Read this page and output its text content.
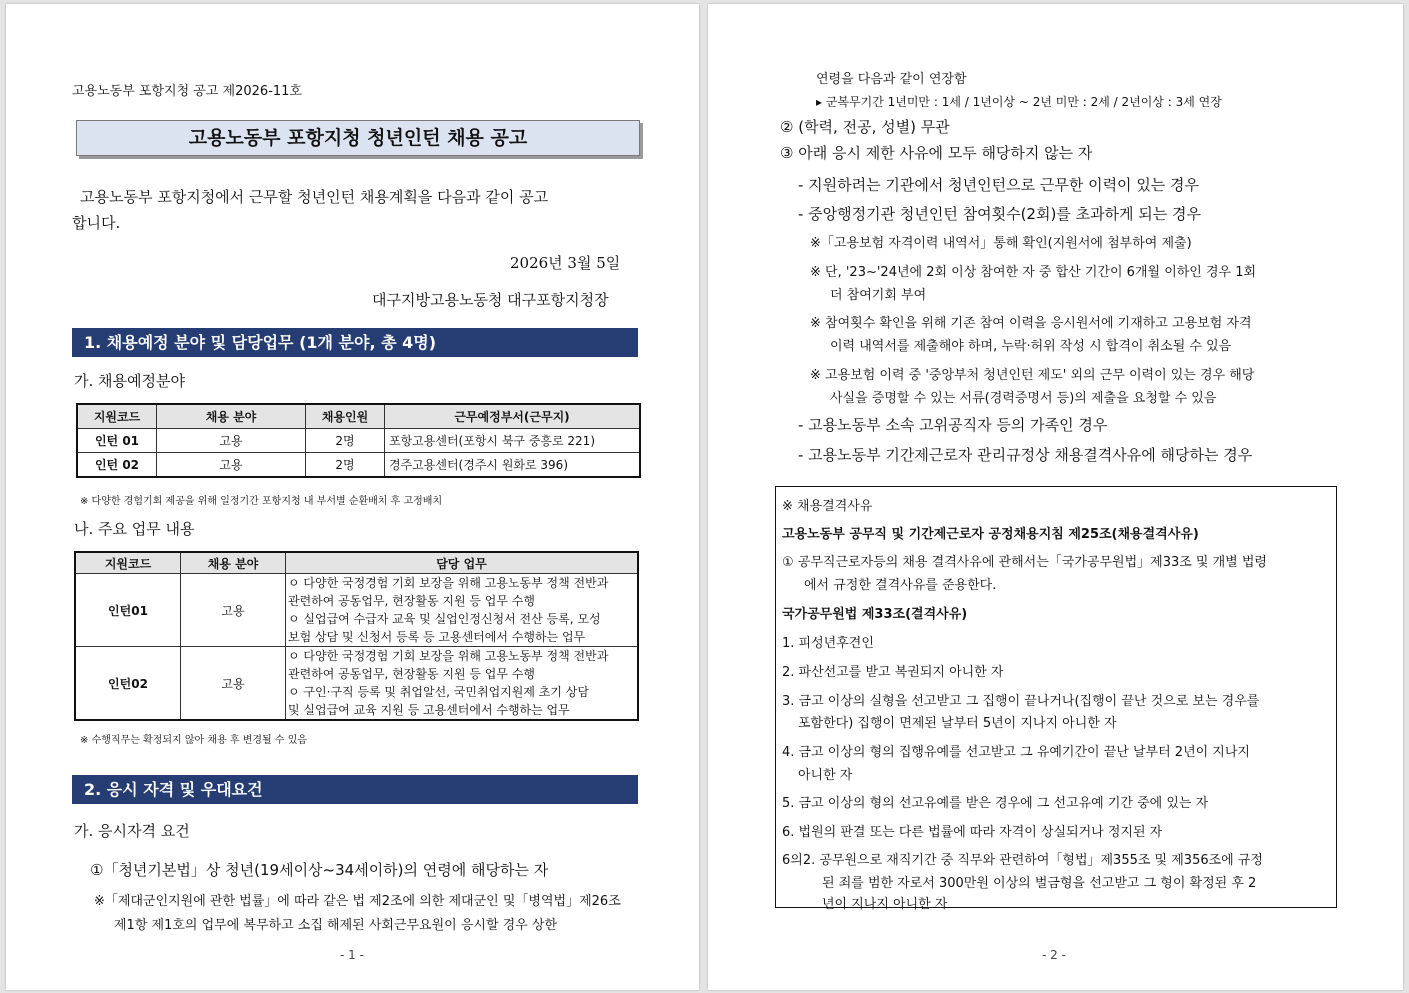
고용노동부 포항지청 공고 제2026-11호
고용노동부 포항지청 청년인턴 채용 공고
고용노동부 포항지청에서 근무할 청년인턴 채용계획을 다음과 같이 공고
합니다.
2026년 3월 5일
대구지방고용노동청 대구포항지청장
1. 채용예정 분야 및 담당업무 (1개 분야, 총 4명)
가. 채용예정분야
지원코드	채용 분야	채용인원	근무예정부서(근무지)
인턴 01	고용	2명	포항고용센터(포항시 북구 중흥로 221)
인턴 02	고용	2명	경주고용센터(경주시 원화로 396)
※ 다양한 경험기회 제공을 위해 일정기간 포항지청 내 부서별 순환배치 후 고정배치
나. 주요 업무 내용
지원코드	채용 분야	담당 업무
인턴01	고용	ㅇ 다양한 국정경험 기회 보장을 위해 고용노동부 정책 전반과
관련하여 공동업무, 현장활동 지원 등 업무 수행
ㅇ 실업급여 수급자 교육 및 실업인정신청서 전산 등록, 모성
보험 상담 및 신청서 등록 등 고용센터에서 수행하는 업무

인턴02	고용	ㅇ 다양한 국정경험 기회 보장을 위해 고용노동부 정책 전반과
관련하여 공동업무, 현장활동 지원 등 업무 수행
ㅇ 구인·구직 등록 및 취업알선, 국민취업지원제 초기 상담
및 실업급여 교육 지원 등 고용센터에서 수행하는 업무
※ 수행직무는 확정되지 않아 채용 후 변경될 수 있음
2. 응시 자격 및 우대요건
가. 응시자격 요건
①「청년기본법」상 청년(19세이상~34세이하)의 연령에 해당하는 자
※「제대군인지원에 관한 법률」에 따라 같은 법 제2조에 의한 제대군인 및「병역법」제26조
제1항 제1호의 업무에 복무하고 소집 해제된 사회근무요원이 응시할 경우 상한
- 1 -
연령을 다음과 같이 연장함
▸ 군복무기간 1년미만 : 1세 / 1년이상 ~ 2년 미만 : 2세 / 2년이상 : 3세 연장
② (학력, 전공, 성별) 무관
③ 아래 응시 제한 사유에 모두 해당하지 않는 자
- 지원하려는 기관에서 청년인턴으로 근무한 이력이 있는 경우
- 중앙행정기관 청년인턴 참여횟수(2회)를 초과하게 되는 경우
※「고용보험 자격이력 내역서」통해 확인(지원서에 첨부하여 제출)
※ 단, '23~'24년에 2회 이상 참여한 자 중 합산 기간이 6개월 이하인 경우 1회
더 참여기회 부여
※ 참여횟수 확인을 위해 기존 참여 이력을 응시원서에 기재하고 고용보험 자격
이력 내역서를 제출해야 하며, 누락·허위 작성 시 합격이 취소될 수 있음
※ 고용보험 이력 중 '중앙부처 청년인턴 제도' 외의 근무 이력이 있는 경우 해당
사실을 증명할 수 있는 서류(경력증명서 등)의 제출을 요청할 수 있음
- 고용노동부 소속 고위공직자 등의 가족인 경우
- 고용노동부 기간제근로자 관리규정상 채용결격사유에 해당하는 경우
※ 채용결격사유
고용노동부 공무직 및 기간제근로자 공정채용지침 제25조(채용결격사유)
① 공무직근로자등의 채용 결격사유에 관해서는「국가공무원법」제33조 및 개별 법령
에서 규정한 결격사유를 준용한다.
국가공무원법 제33조(결격사유)
1. 피성년후견인
2. 파산선고를 받고 복권되지 아니한 자
3. 금고 이상의 실형을 선고받고 그 집행이 끝나거나(집행이 끝난 것으로 보는 경우를
포함한다) 집행이 면제된 날부터 5년이 지나지 아니한 자
4. 금고 이상의 형의 집행유예를 선고받고 그 유예기간이 끝난 날부터 2년이 지나지
아니한 자
5. 금고 이상의 형의 선고유예를 받은 경우에 그 선고유예 기간 중에 있는 자
6. 법원의 판결 또는 다른 법률에 따라 자격이 상실되거나 정지된 자
6의2. 공무원으로 재직기간 중 직무와 관련하여「형법」제355조 및 제356조에 규정
된 죄를 범한 자로서 300만원 이상의 벌금형을 선고받고 그 형이 확정된 후 2
년이 지나지 아니한 자
- 2 -
